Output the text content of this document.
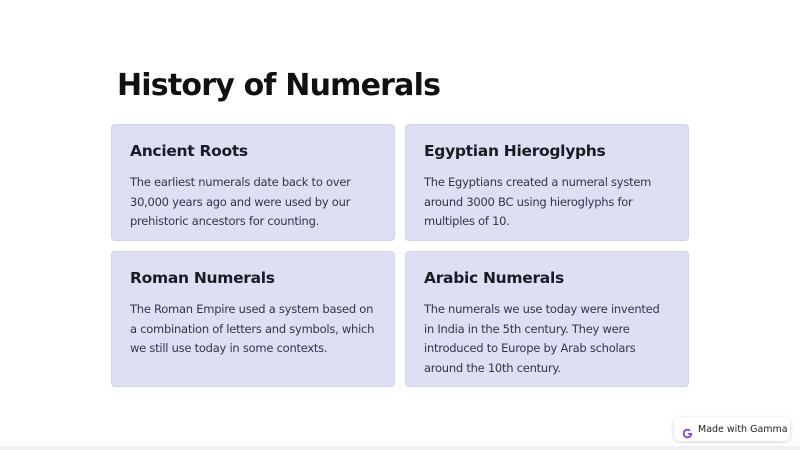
History of Numerals
Ancient Roots

The earliest numerals date back to over 30,000 years ago and were used by our prehistoric ancestors for counting.

Egyptian Hieroglyphs

The Egyptians created a numeral system around 3000 BC using hieroglyphs for multiples of 10.

Roman Numerals

The Roman Empire used a system based on a combination of letters and symbols, which we still use today in some contexts.

Arabic Numerals

The numerals we use today were invented in India in the 5th century. They were introduced to Europe by Arab scholars around the 10th century.

Made with Gamma
